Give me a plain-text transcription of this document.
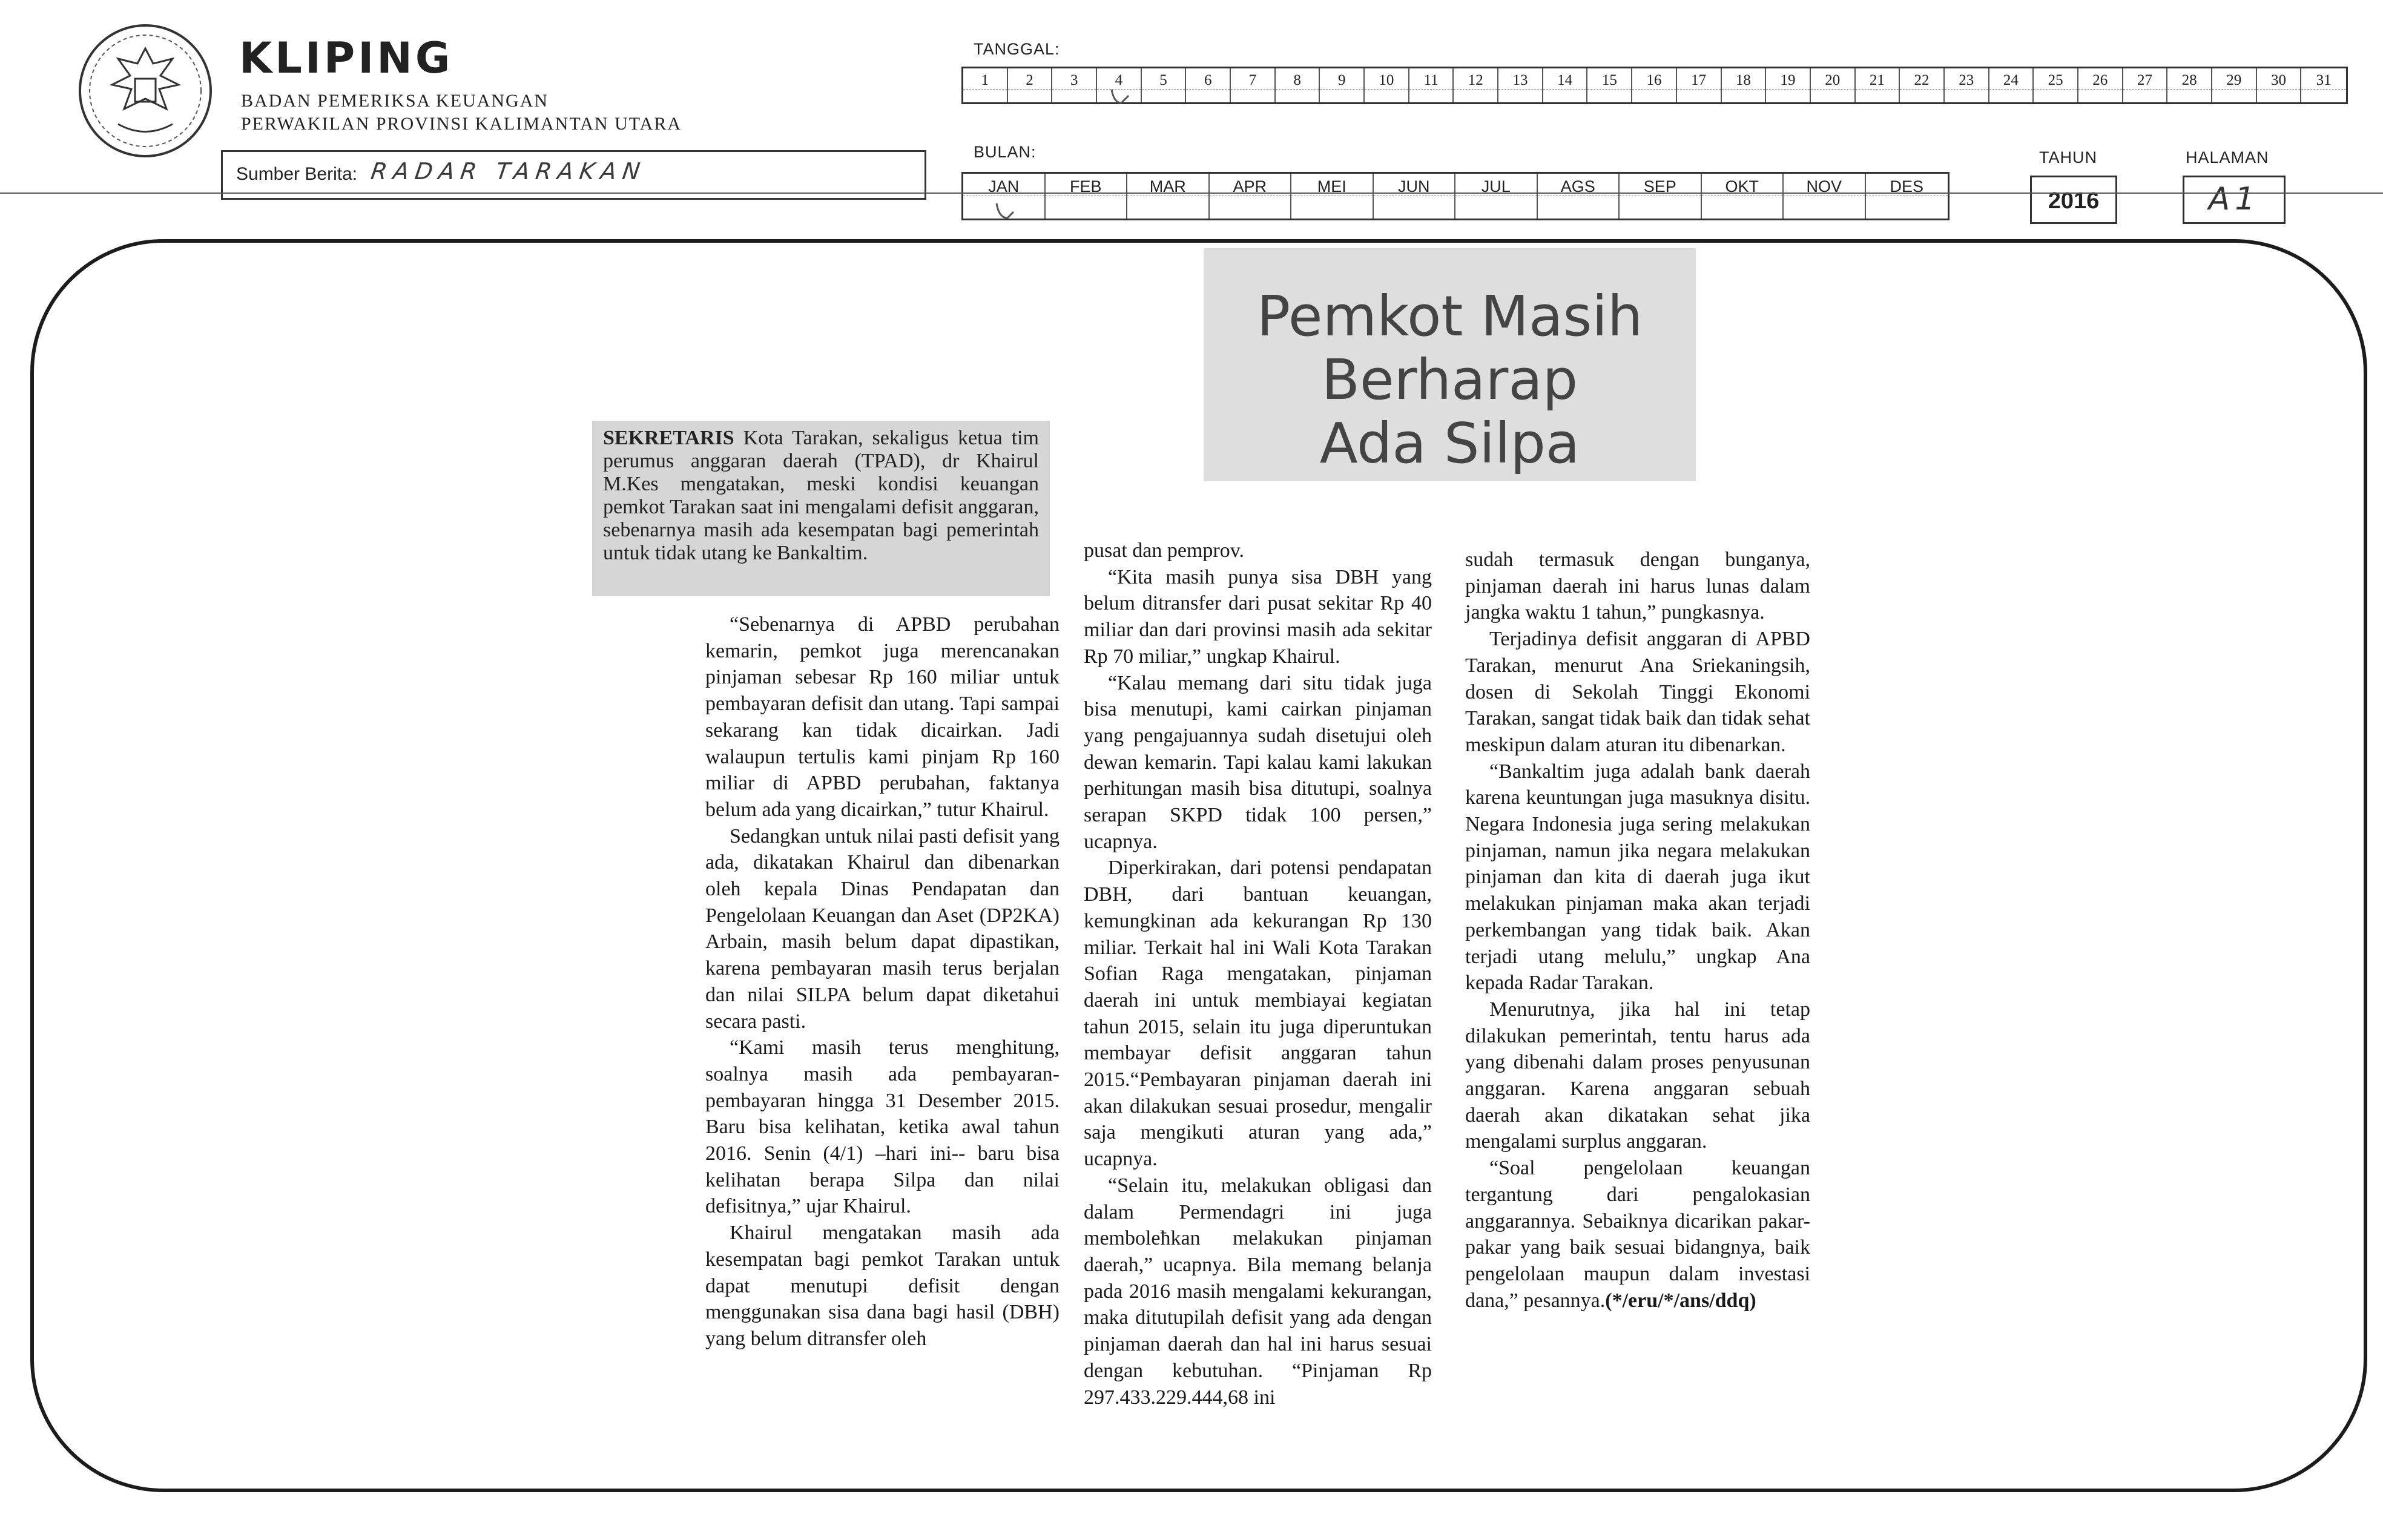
KLIPING
BADAN PEMERIKSA KEUANGAN
PERWAKILAN PROVINSI KALIMANTAN UTARA
Sumber Berita: RADAR TARAKAN
TANGGAL:
1	2	3	4	5	6	7	8	9	10	11	12	13	14	15	16	17	18	19	20	21	22	23	24	25	26	27	28	29	30	31
BULAN:
JAN	FEB	MAR	APR	MEI	JUN	JUL	AGS	SEP	OKT	NOV	DES
TAHUN
2016
HALAMAN
A1
Pemkot Masih
Berharap
Ada Silpa
SEKRETARIS Kota Tarakan, sekaligus ketua tim perumus anggaran daerah (TPAD), dr Khairul M.Kes mengatakan, meski kondisi keuangan pemkot Tarakan saat ini mengalami defisit anggaran, sebenarnya masih ada kesempatan bagi pemerintah untuk tidak utang ke Bankaltim.

“Sebenarnya di APBD perubahan kemarin, pemkot juga merencanakan pinjaman sebesar Rp 160 miliar untuk pembayaran defisit dan utang. Tapi sampai sekarang kan tidak dicairkan. Jadi walaupun tertulis kami pinjam Rp 160 miliar di APBD perubahan, faktanya belum ada yang dicairkan,” tutur Khairul.

Sedangkan untuk nilai pasti defisit yang ada, dikatakan Khairul dan dibenarkan oleh kepala Dinas Pendapatan dan Pengelolaan Keuangan dan Aset (DP2KA) Arbain, masih belum dapat dipastikan, karena pembayaran masih terus berjalan dan nilai SILPA belum dapat diketahui secara pasti.

“Kami masih terus menghitung, soalnya masih ada pembayaran-pembayaran hingga 31 Desember 2015. Baru bisa kelihatan, ketika awal tahun 2016. Senin (4/1) –hari ini-- baru bisa kelihatan berapa Silpa dan nilai defisitnya,” ujar Khairul.

Khairul mengatakan masih ada kesempatan bagi pemkot Tarakan untuk dapat menutupi defisit dengan menggunakan sisa dana bagi hasil (DBH) yang belum ditransfer oleh

pusat dan pemprov.

“Kita masih punya sisa DBH yang belum ditransfer dari pusat sekitar Rp 40 miliar dan dari provinsi masih ada sekitar Rp 70 miliar,” ungkap Khairul.

“Kalau memang dari situ tidak juga bisa menutupi, kami cairkan pinjaman yang pengajuannya sudah disetujui oleh dewan kemarin. Tapi kalau kami lakukan perhitungan masih bisa ditutupi, soalnya serapan SKPD tidak 100 persen,” ucapnya.

Diperkirakan, dari potensi pendapatan DBH, dari bantuan keuangan, kemungkinan ada kekurangan Rp 130 miliar. Terkait hal ini Wali Kota Tarakan Sofian Raga mengatakan, pinjaman daerah ini untuk membiayai kegiatan tahun 2015, selain itu juga diperuntukan membayar defisit anggaran tahun 2015.“Pembayaran pinjaman daerah ini akan dilakukan sesuai prosedur, mengalir saja mengikuti aturan yang ada,” ucapnya.

“Selain itu, melakukan obligasi dan dalam Permendagri ini juga memboleħkan melakukan pinjaman daerah,” ucapnya. Bila memang belanja pada 2016 masih mengalami kekurangan, maka ditutupilah defisit yang ada dengan pinjaman daerah dan hal ini harus sesuai dengan kebutuhan. “Pinjaman Rp 297.433.229.444,68 ini

sudah termasuk dengan bunganya, pinjaman daerah ini harus lunas dalam jangka waktu 1 tahun,” pungkasnya.

Terjadinya defisit anggaran di APBD Tarakan, menurut Ana Sriekaningsih, dosen di Sekolah Tinggi Ekonomi Tarakan, sangat tidak baik dan tidak sehat meskipun dalam aturan itu dibenarkan.

“Bankaltim juga adalah bank daerah karena keuntungan juga masuknya disitu. Negara Indonesia juga sering melakukan pinjaman, namun jika negara melakukan pinjaman dan kita di daerah juga ikut melakukan pinjaman maka akan terjadi perkembangan yang tidak baik. Akan terjadi utang melulu,” ungkap Ana kepada Radar Tarakan.

Menurutnya, jika hal ini tetap dilakukan pemerintah, tentu harus ada yang dibenahi dalam proses penyusunan anggaran. Karena anggaran sebuah daerah akan dikatakan sehat jika mengalami surplus anggaran.

“Soal pengelolaan keuangan tergantung dari pengalokasian anggarannya. Sebaiknya dicarikan pakar-pakar yang baik sesuai bidangnya, baik pengelolaan maupun dalam investasi dana,” pesannya.(*/eru/*/ans/ddq)
